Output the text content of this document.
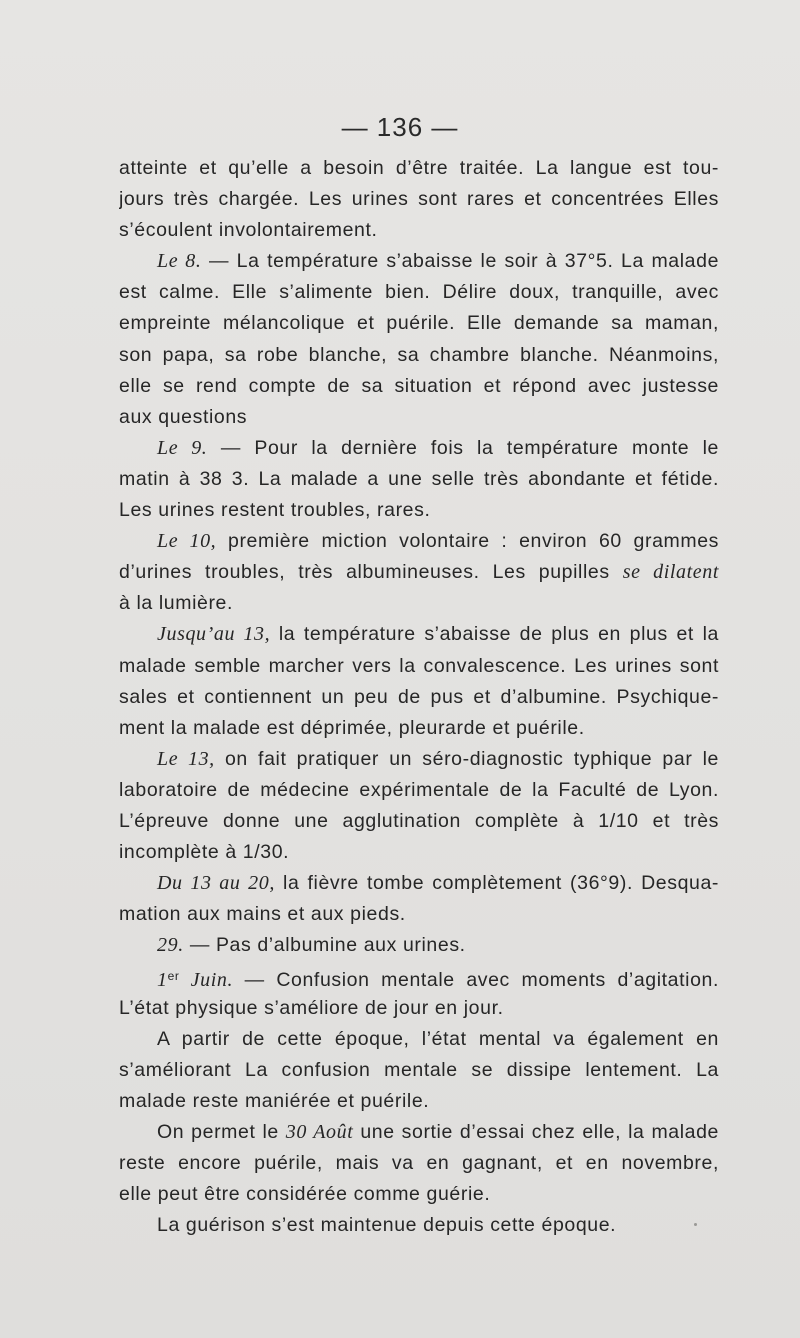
— 136 —
atteinte et qu’elle a besoin d’être traitée. La langue est tou-
jours très chargée. Les urines sont rares et concentrées Elles
s’écoulent involontairement.
Le 8. — La température s’abaisse le soir à 37°5. La malade
est calme. Elle s’alimente bien. Délire doux, tranquille, avec
empreinte mélancolique et puérile. Elle demande sa maman,
son papa, sa robe blanche, sa chambre blanche. Néanmoins,
elle se rend compte de sa situation et répond avec justesse
aux questions
Le 9. — Pour la dernière fois la température monte le
matin à 38 3. La malade a une selle très abondante et fétide.
Les urines restent troubles, rares.
Le 10, première miction volontaire : environ 60 grammes
d’urines troubles, très albumineuses. Les pupilles se dilatent
à la lumière.
Jusqu’au 13, la température s’abaisse de plus en plus et la
malade semble marcher vers la convalescence. Les urines sont
sales et contiennent un peu de pus et d’albumine. Psychique-
ment la malade est déprimée, pleurarde et puérile.
Le 13, on fait pratiquer un séro-diagnostic typhique par le
laboratoire de médecine expérimentale de la Faculté de Lyon.
L’épreuve donne une agglutination complète à 1/10 et très
incomplète à 1/30.
Du 13 au 20, la fièvre tombe complètement (36°9). Desqua-
mation aux mains et aux pieds.
29. — Pas d’albumine aux urines.
1er Juin. — Confusion mentale avec moments d’agitation.
L’état physique s’améliore de jour en jour.
A partir de cette époque, l’état mental va également en
s’améliorant La confusion mentale se dissipe lentement. La
malade reste maniérée et puérile.
On permet le 30 Août une sortie d’essai chez elle, la malade
reste encore puérile, mais va en gagnant, et en novembre,
elle peut être considérée comme guérie.
La guérison s’est maintenue depuis cette époque.
